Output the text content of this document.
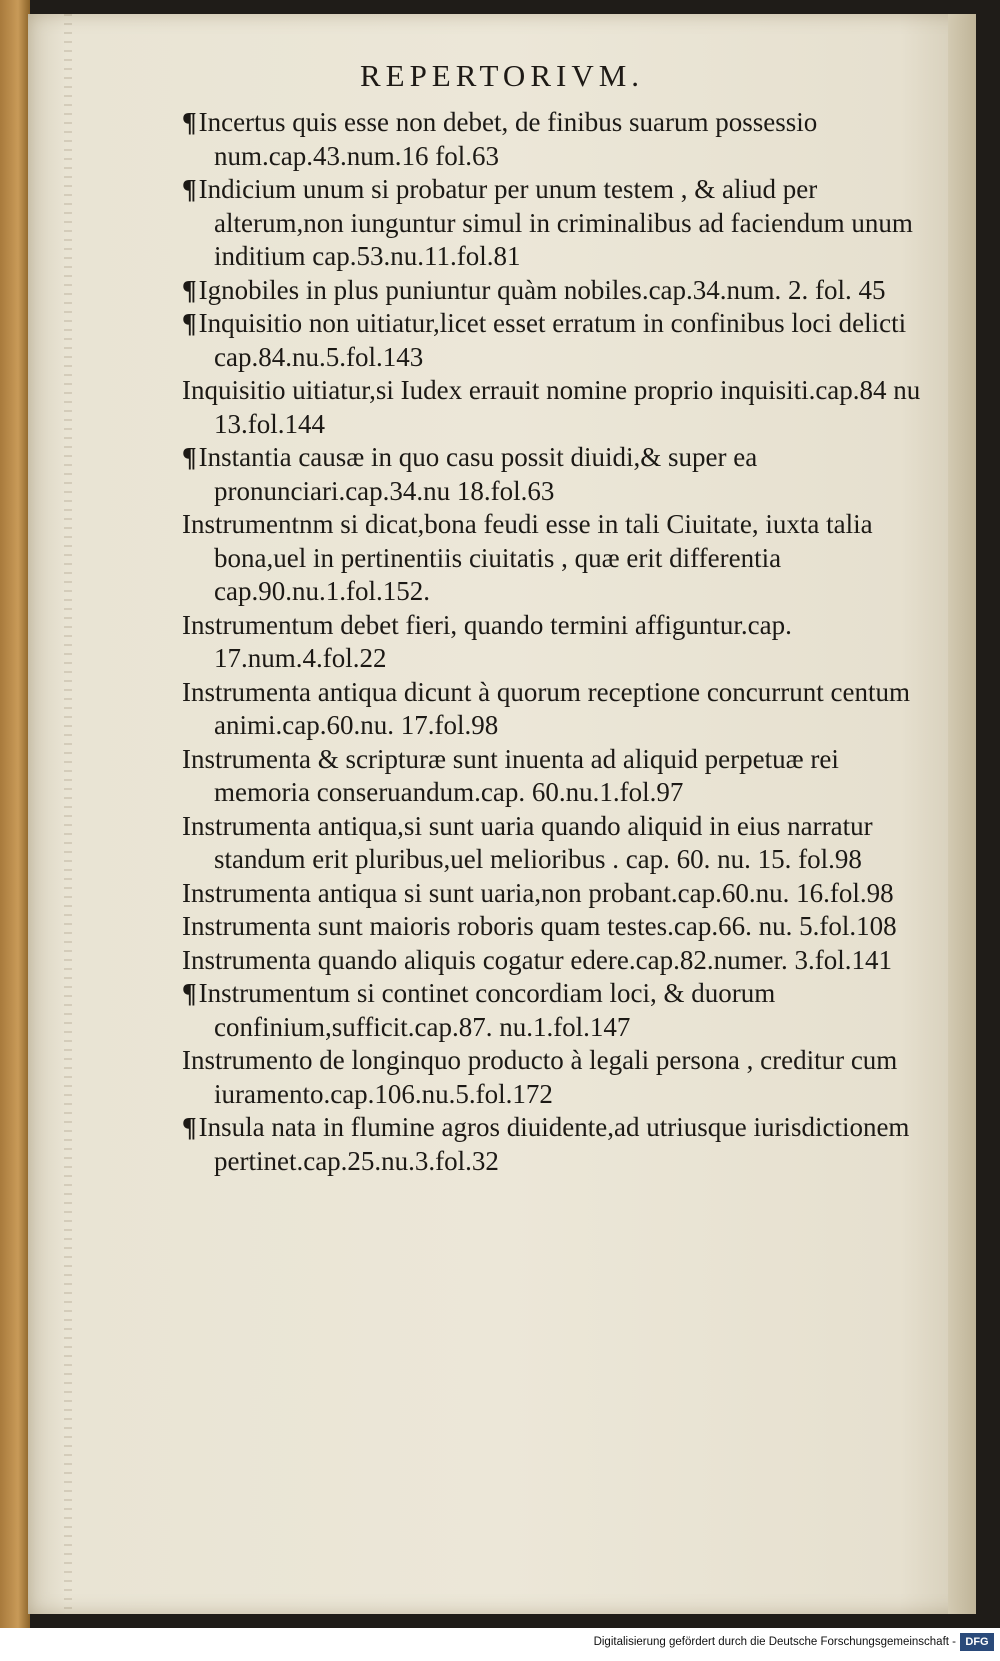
REPERTORIVM.
¶Incertus quis esse non debet, de finibus suarum possessio num.cap.43.num.16 fol.63
¶Indicium unum si probatur per unum testem , & aliud per alterum,non iunguntur simul in criminalibus ad faciendum unum inditium cap.53.nu.11.fol.81
¶Ignobiles in plus puniuntur quàm nobiles.cap.34.num. 2. fol. 45
¶Inquisitio non uitiatur,licet esset erratum in confinibus loci delicti cap.84.nu.5.fol.143
Inquisitio uitiatur,si Iudex errauit nomine proprio inquisiti.cap.84 nu 13.fol.144
¶Instantia causæ in quo casu possit diuidi,& super ea pronunciari.cap.34.nu 18.fol.63
Instrumentnm si dicat,bona feudi esse in tali Ciuitate, iuxta talia bona,uel in pertinentiis ciuitatis , quæ erit differentia cap.90.nu.1.fol.152.
Instrumentum debet fieri, quando termini affiguntur.cap. 17.num.4.fol.22
Instrumenta antiqua dicunt à quorum receptione concurrunt centum animi.cap.60.nu. 17.fol.98
Instrumenta & scripturæ sunt inuenta ad aliquid perpetuæ rei memoria conseruandum.cap. 60.nu.1.fol.97
Instrumenta antiqua,si sunt uaria quando aliquid in eius narratur standum erit pluribus,uel melioribus . cap. 60. nu. 15. fol.98
Instrumenta antiqua si sunt uaria,non probant.cap.60.nu. 16.fol.98
Instrumenta sunt maioris roboris quam testes.cap.66. nu. 5.fol.108
Instrumenta quando aliquis cogatur edere.cap.82.numer. 3.fol.141
¶Instrumentum si continet concordiam loci, & duorum confinium,sufficit.cap.87. nu.1.fol.147
Instrumento de longinquo producto à legali persona , creditur cum iuramento.cap.106.nu.5.fol.172
¶Insula nata in flumine agros diuidente,ad utriusque iurisdictionem pertinet.cap.25.nu.3.fol.32
Digitalisierung gefördert durch die Deutsche Forschungsgemeinschaft - DFG
